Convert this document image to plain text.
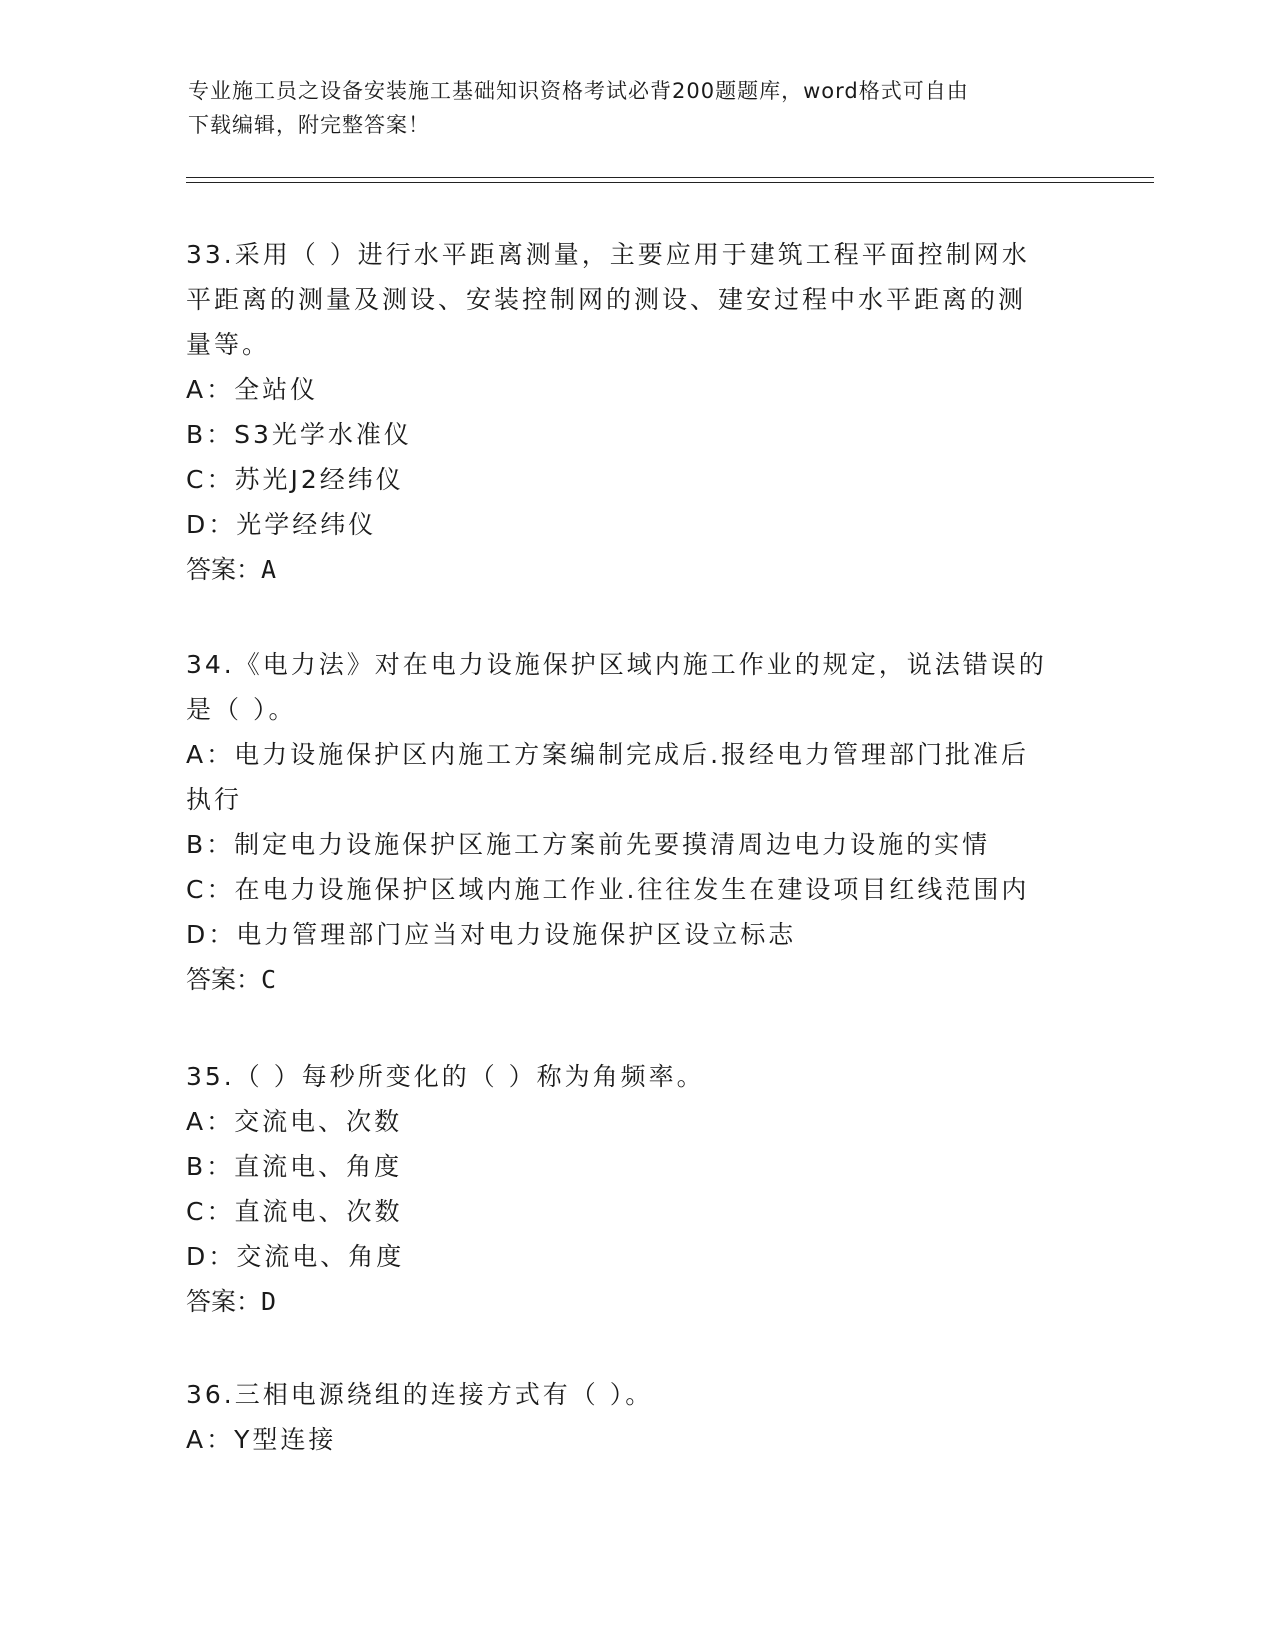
专业施工员之设备安装施工基础知识资格考试必背200题题库，word格式可自由
下载编辑，附完整答案！
33.采用（ ）进行水平距离测量，主要应用于建筑工程平面控制网水
平距离的测量及测设、安装控制网的测设、建安过程中水平距离的测
量等。
A：全站仪
B：S3光学水准仪
C：苏光J2经纬仪
D：光学经纬仪
答案：A
34.《电力法》对在电力设施保护区域内施工作业的规定，说法错误的
是（ ）。
A：电力设施保护区内施工方案编制完成后.报经电力管理部门批准后
执行
B：制定电力设施保护区施工方案前先要摸清周边电力设施的实情
C：在电力设施保护区域内施工作业.往往发生在建设项目红线范围内
D：电力管理部门应当对电力设施保护区设立标志
答案：C
35.（ ）每秒所变化的（ ）称为角频率。
A：交流电、次数
B：直流电、角度
C：直流电、次数
D：交流电、角度
答案：D
36.三相电源绕组的连接方式有（ ）。
A：Y型连接
